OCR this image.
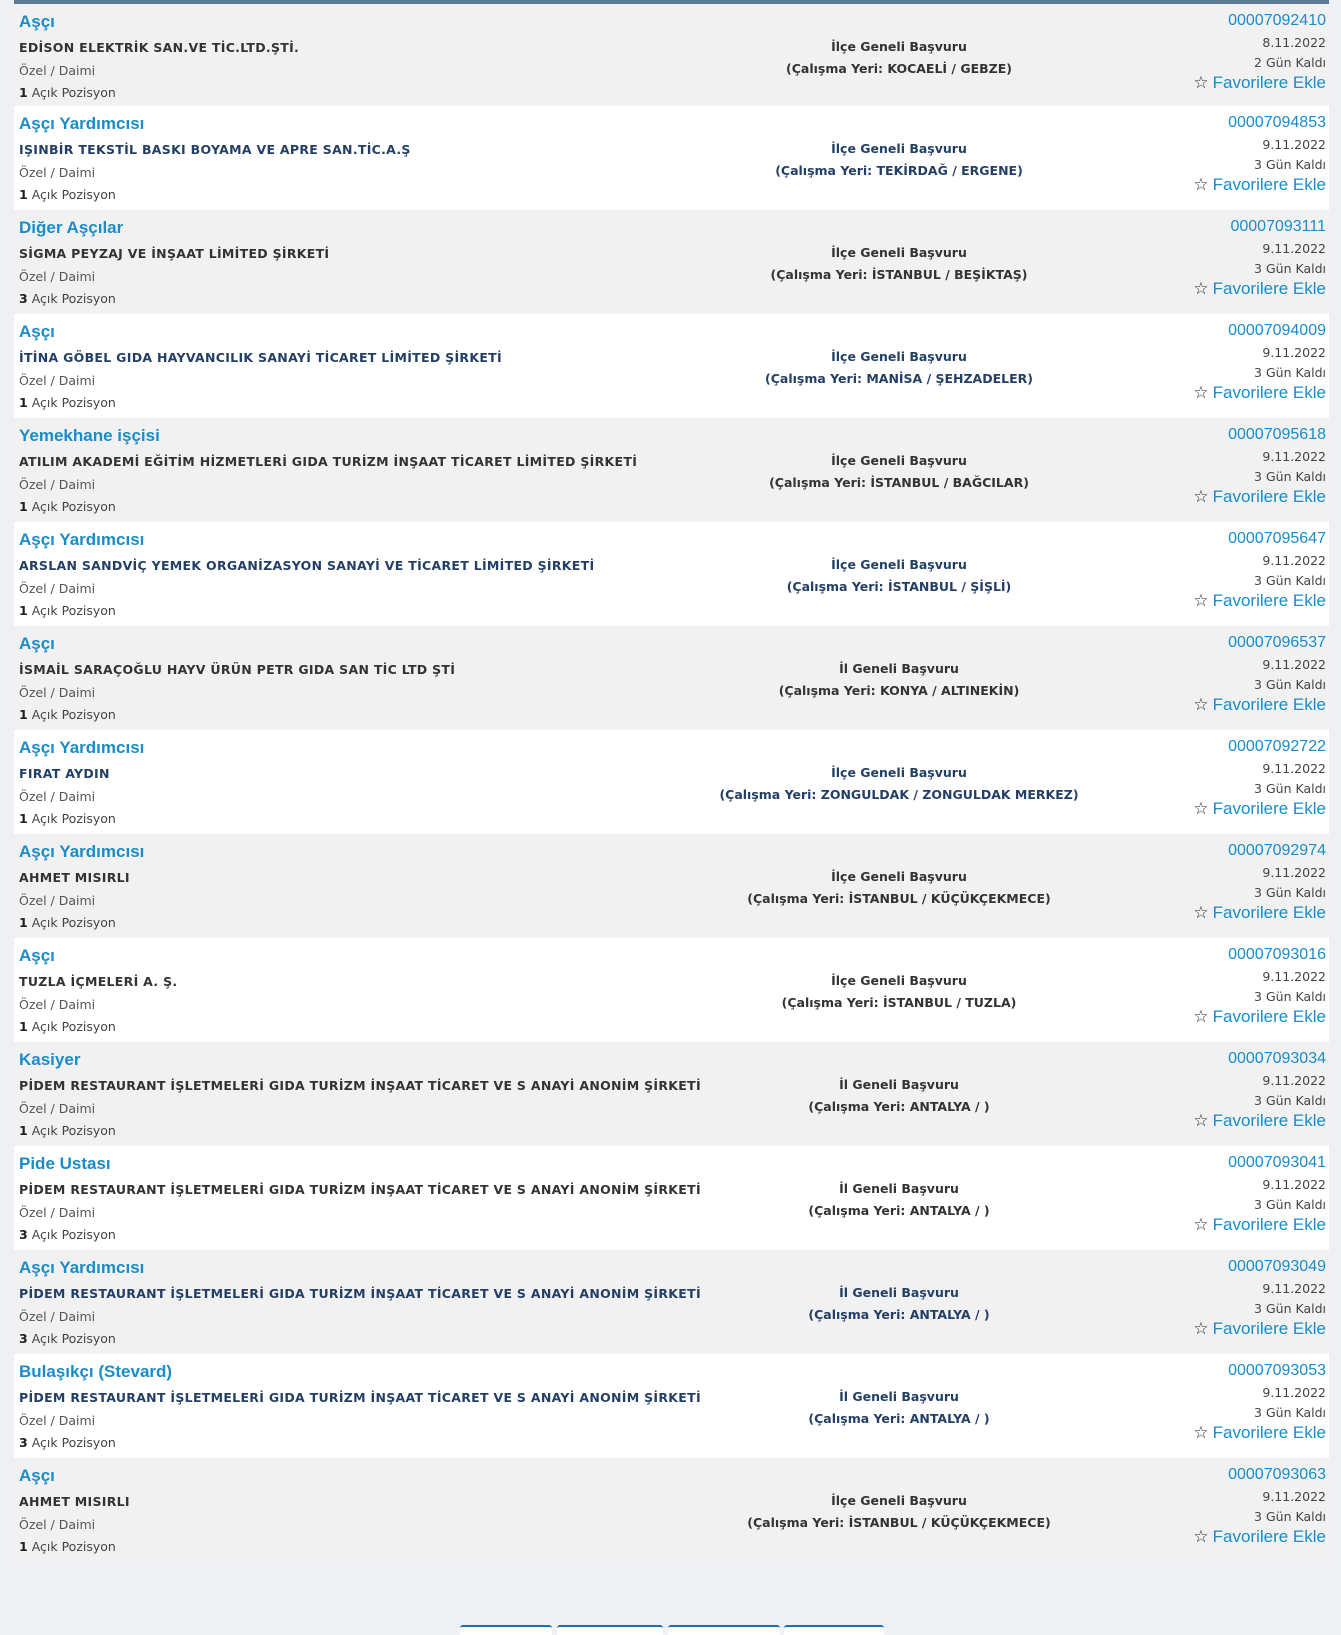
Aşçı
EDİSON ELEKTRİK SAN.VE TİC.LTD.ŞTİ.
Özel / Daimi
1 Açık Pozisyon
İlçe Geneli Başvuru
(Çalışma Yeri: KOCAELİ / GEBZE)
00007092410
8.11.2022
2 Gün Kaldı
☆ Favorilere Ekle
Aşçı Yardımcısı
IŞINBİR TEKSTİL BASKI BOYAMA VE APRE SAN.TİC.A.Ş
Özel / Daimi
1 Açık Pozisyon
İlçe Geneli Başvuru
(Çalışma Yeri: TEKİRDAĞ / ERGENE)
00007094853
9.11.2022
3 Gün Kaldı
☆ Favorilere Ekle
Diğer Aşçılar
SİGMA PEYZAJ VE İNŞAAT LİMİTED ŞİRKETİ
Özel / Daimi
3 Açık Pozisyon
İlçe Geneli Başvuru
(Çalışma Yeri: İSTANBUL / BEŞİKTAŞ)
00007093111
9.11.2022
3 Gün Kaldı
☆ Favorilere Ekle
Aşçı
İTİNA GÖBEL GIDA HAYVANCILIK SANAYİ TİCARET LİMİTED ŞİRKETİ
Özel / Daimi
1 Açık Pozisyon
İlçe Geneli Başvuru
(Çalışma Yeri: MANİSA / ŞEHZADELER)
00007094009
9.11.2022
3 Gün Kaldı
☆ Favorilere Ekle
Yemekhane işçisi
ATILIM AKADEMİ EĞİTİM HİZMETLERİ GIDA TURİZM İNŞAAT TİCARET LİMİTED ŞİRKETİ
Özel / Daimi
1 Açık Pozisyon
İlçe Geneli Başvuru
(Çalışma Yeri: İSTANBUL / BAĞCILAR)
00007095618
9.11.2022
3 Gün Kaldı
☆ Favorilere Ekle
Aşçı Yardımcısı
ARSLAN SANDVİÇ YEMEK ORGANİZASYON SANAYİ VE TİCARET LİMİTED ŞİRKETİ
Özel / Daimi
1 Açık Pozisyon
İlçe Geneli Başvuru
(Çalışma Yeri: İSTANBUL / ŞİŞLİ)
00007095647
9.11.2022
3 Gün Kaldı
☆ Favorilere Ekle
Aşçı
İSMAİL SARAÇOĞLU HAYV ÜRÜN PETR GIDA SAN TİC LTD ŞTİ
Özel / Daimi
1 Açık Pozisyon
İl Geneli Başvuru
(Çalışma Yeri: KONYA / ALTINEKİN)
00007096537
9.11.2022
3 Gün Kaldı
☆ Favorilere Ekle
Aşçı Yardımcısı
FIRAT AYDIN
Özel / Daimi
1 Açık Pozisyon
İlçe Geneli Başvuru
(Çalışma Yeri: ZONGULDAK / ZONGULDAK MERKEZ)
00007092722
9.11.2022
3 Gün Kaldı
☆ Favorilere Ekle
Aşçı Yardımcısı
AHMET MISIRLI
Özel / Daimi
1 Açık Pozisyon
İlçe Geneli Başvuru
(Çalışma Yeri: İSTANBUL / KÜÇÜKÇEKMECE)
00007092974
9.11.2022
3 Gün Kaldı
☆ Favorilere Ekle
Aşçı
TUZLA İÇMELERİ A. Ş.
Özel / Daimi
1 Açık Pozisyon
İlçe Geneli Başvuru
(Çalışma Yeri: İSTANBUL / TUZLA)
00007093016
9.11.2022
3 Gün Kaldı
☆ Favorilere Ekle
Kasiyer
PİDEM RESTAURANT İŞLETMELERİ GIDA TURİZM İNŞAAT TİCARET VE S ANAYİ ANONİM ŞİRKETİ
Özel / Daimi
1 Açık Pozisyon
İl Geneli Başvuru
(Çalışma Yeri: ANTALYA / )
00007093034
9.11.2022
3 Gün Kaldı
☆ Favorilere Ekle
Pide Ustası
PİDEM RESTAURANT İŞLETMELERİ GIDA TURİZM İNŞAAT TİCARET VE S ANAYİ ANONİM ŞİRKETİ
Özel / Daimi
3 Açık Pozisyon
İl Geneli Başvuru
(Çalışma Yeri: ANTALYA / )
00007093041
9.11.2022
3 Gün Kaldı
☆ Favorilere Ekle
Aşçı Yardımcısı
PİDEM RESTAURANT İŞLETMELERİ GIDA TURİZM İNŞAAT TİCARET VE S ANAYİ ANONİM ŞİRKETİ
Özel / Daimi
3 Açık Pozisyon
İl Geneli Başvuru
(Çalışma Yeri: ANTALYA / )
00007093049
9.11.2022
3 Gün Kaldı
☆ Favorilere Ekle
Bulaşıkçı (Stevard)
PİDEM RESTAURANT İŞLETMELERİ GIDA TURİZM İNŞAAT TİCARET VE S ANAYİ ANONİM ŞİRKETİ
Özel / Daimi
3 Açık Pozisyon
İl Geneli Başvuru
(Çalışma Yeri: ANTALYA / )
00007093053
9.11.2022
3 Gün Kaldı
☆ Favorilere Ekle
Aşçı
AHMET MISIRLI
Özel / Daimi
1 Açık Pozisyon
İlçe Geneli Başvuru
(Çalışma Yeri: İSTANBUL / KÜÇÜKÇEKMECE)
00007093063
9.11.2022
3 Gün Kaldı
☆ Favorilere Ekle
